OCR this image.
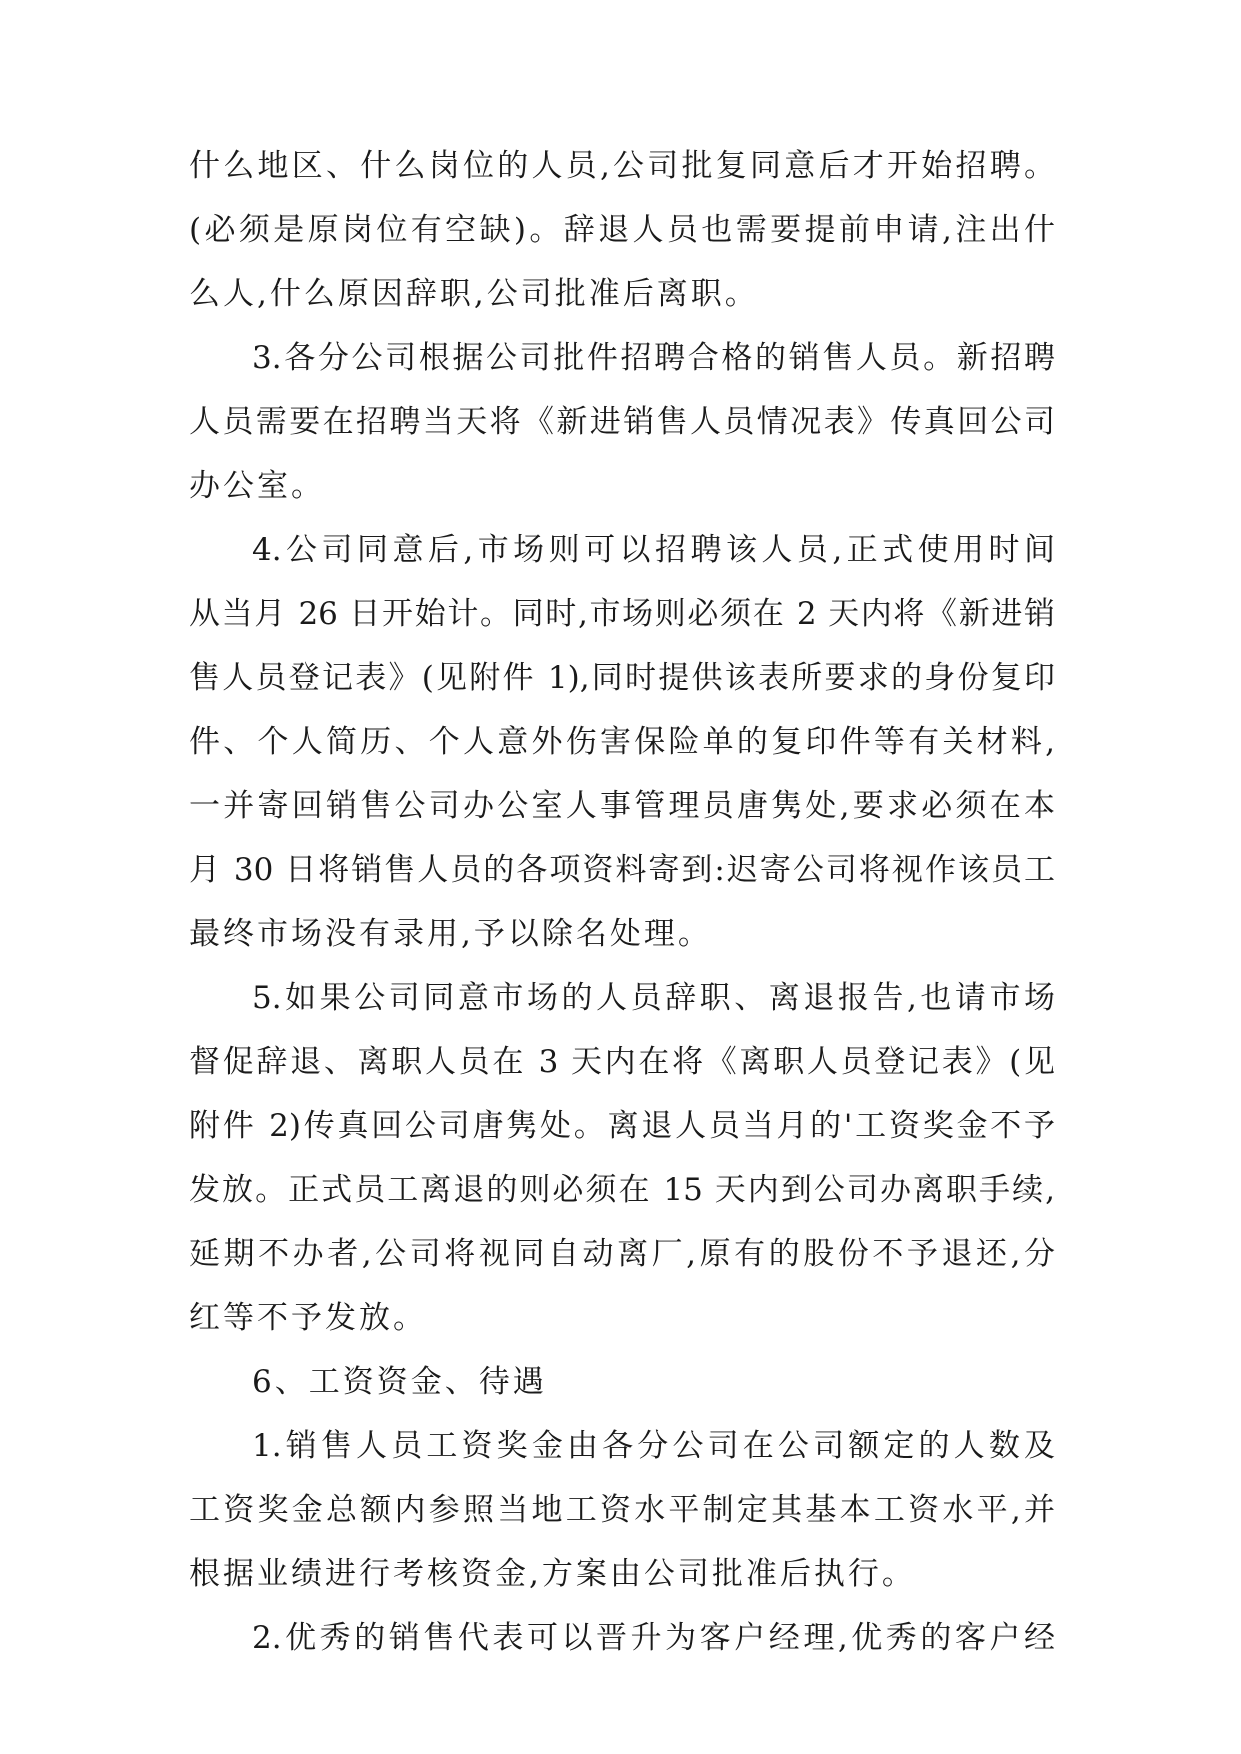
什么地区、什么岗位的人员,公司批复同意后才开始招聘。
(必须是原岗位有空缺)。辞退人员也需要提前申请,注出什
么人,什么原因辞职,公司批准后离职。
3.各分公司根据公司批件招聘合格的销售人员。新招聘
人员需要在招聘当天将《新进销售人员情况表》传真回公司
办公室。
4.公司同意后,市场则可以招聘该人员,正式使用时间
从当月 26 日开始计。同时,市场则必须在 2 天内将《新进销
售人员登记表》(见附件 1),同时提供该表所要求的身份复印
件、个人简历、个人意外伤害保险单的复印件等有关材料,
一并寄回销售公司办公室人事管理员唐隽处,要求必须在本
月 30 日将销售人员的各项资料寄到:迟寄公司将视作该员工
最终市场没有录用,予以除名处理。
5.如果公司同意市场的人员辞职、离退报告,也请市场
督促辞退、离职人员在 3 天内在将《离职人员登记表》(见
附件 2)传真回公司唐隽处。离退人员当月的'工资奖金不予
发放。正式员工离退的则必须在 15 天内到公司办离职手续,
延期不办者,公司将视同自动离厂,原有的股份不予退还,分
红等不予发放。
6、工资资金、待遇
1.销售人员工资奖金由各分公司在公司额定的人数及
工资奖金总额内参照当地工资水平制定其基本工资水平,并
根据业绩进行考核资金,方案由公司批准后执行。
2.优秀的销售代表可以晋升为客户经理,优秀的客户经
